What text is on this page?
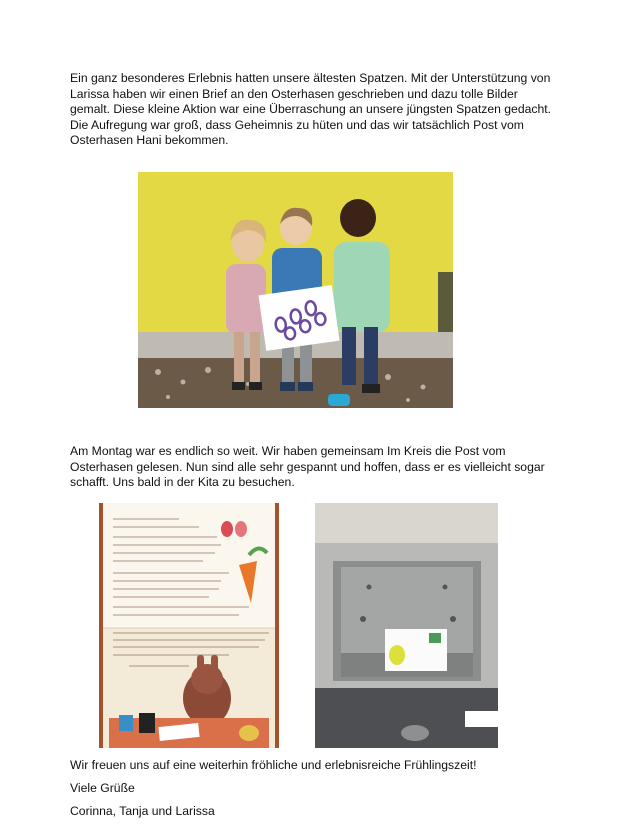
Ein ganz besonderes Erlebnis hatten unsere ältesten Spatzen. Mit der Unterstützung von Larissa haben wir einen Brief an den Osterhasen geschrieben und dazu tolle Bilder gemalt. Diese kleine Aktion war eine Überraschung an unsere jüngsten Spatzen gedacht. Die Aufregung war groß, dass Geheimnis zu hüten und das wir tatsächlich Post vom Osterhasen Hani bekommen.

Am Montag war es endlich so weit. Wir haben gemeinsam Im Kreis die Post vom Osterhasen gelesen. Nun sind alle sehr gespannt und hoffen, dass er es vielleicht sogar schafft. Uns bald in der Kita zu besuchen.

Wir freuen uns auf eine weiterhin fröhliche und erlebnisreiche Frühlingszeit!

Viele Grüße

Corinna, Tanja und Larissa
